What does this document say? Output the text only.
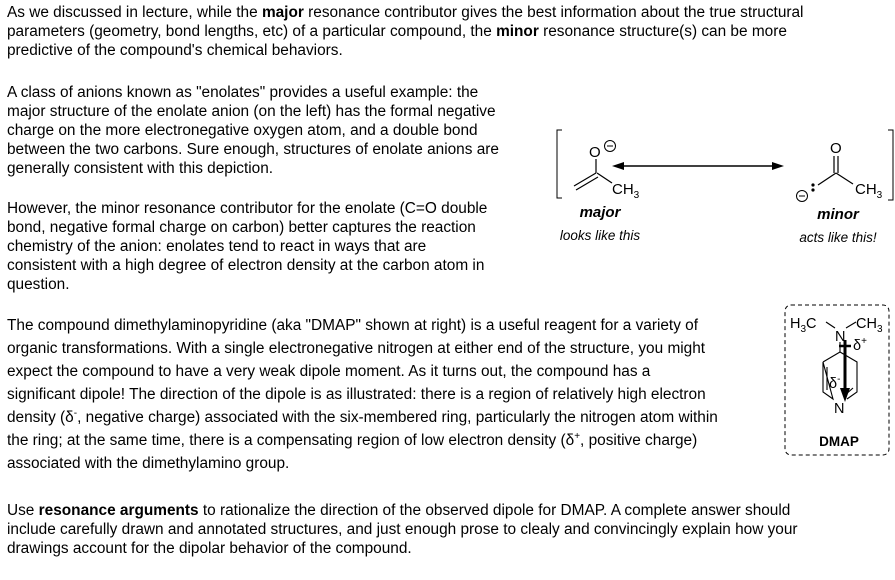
As we discussed in lecture, while the major resonance contributor gives the best information about the true structural
parameters (geometry, bond lengths, etc) of a particular compound, the minor resonance structure(s) can be more
predictive of the compound's chemical behaviors.
A class of anions known as "enolates" provides a useful example: the
major structure of the enolate anion (on the left) has the formal negative
charge on the more electronegative oxygen atom, and a double bond
between the two carbons. Sure enough, structures of enolate anions are
generally consistent with this depiction.
However, the minor resonance contributor for the enolate (C=O double
bond, negative formal charge on carbon) better captures the reaction
chemistry of the anion: enolates tend to react in ways that are
consistent with a high degree of electron density at the carbon atom in
question.
The compound dimethylaminopyridine (aka "DMAP" shown at right) is a useful reagent for a variety of
organic transformations. With a single electronegative nitrogen at either end of the structure, you might
expect the compound to have a very weak dipole moment. As it turns out, the compound has a
significant dipole! The direction of the dipole is as illustrated: there is a region of relatively high electron
density (δ-, negative charge) associated with the six-membered ring, particularly the nitrogen atom within
the ring; at the same time, there is a compensating region of low electron density (δ+, positive charge)
associated with the dimethylamino group.
Use resonance arguments to rationalize the direction of the observed dipole for DMAP. A complete answer should
include carefully drawn and annotated structures, and just enough prose to clealy and convincingly explain how your
drawings account for the dipolar behavior of the compound.
O
$CH_3$
O
$CH_3$
major
looks like this
minor
acts like this!
$H_3C$
N
$CH_3$
N
δ+
δ-
DMAP
